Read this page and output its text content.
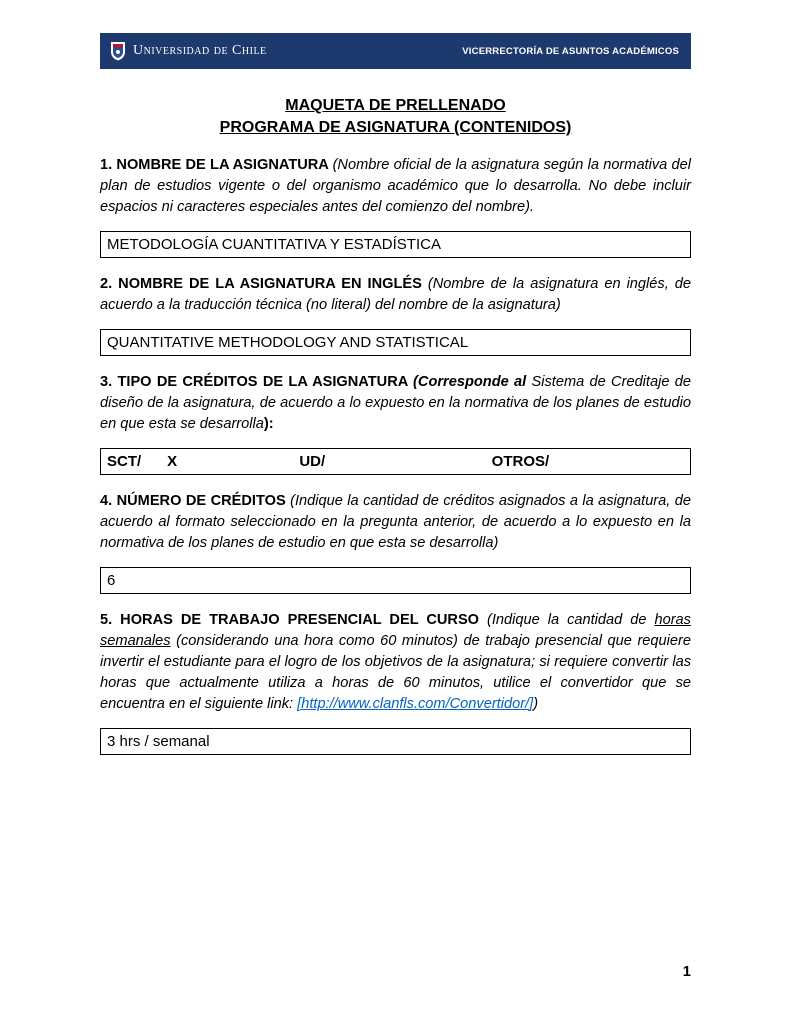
Universidad de Chile	VICERRECTORÍA DE ASUNTOS ACADÉMICOS
MAQUETA DE PRELLENADO
PROGRAMA DE ASIGNATURA (CONTENIDOS)

1. NOMBRE DE LA ASIGNATURA (Nombre oficial de la asignatura según la normativa del plan de estudios vigente o del organismo académico que lo desarrolla. No debe incluir espacios ni caracteres especiales antes del comienzo del nombre).

METODOLOGÍA CUANTITATIVA Y ESTADÍSTICA

2. NOMBRE DE LA ASIGNATURA EN INGLÉS (Nombre de la asignatura en inglés, de acuerdo a la traducción técnica (no literal) del nombre de la asignatura)

QUANTITATIVE METHODOLOGY AND STATISTICAL

3. TIPO DE CRÉDITOS DE LA ASIGNATURA (Corresponde al Sistema de Creditaje de diseño de la asignatura, de acuerdo a lo expuesto en la normativa de los planes de estudio en que esta se desarrolla):

SCT/ X	UD/	OTROS/

4. NÚMERO DE CRÉDITOS (Indique la cantidad de créditos asignados a la asignatura, de acuerdo al formato seleccionado en la pregunta anterior, de acuerdo a lo expuesto en la normativa de los planes de estudio en que esta se desarrolla)

6

5. HORAS DE TRABAJO PRESENCIAL DEL CURSO (Indique la cantidad de horas semanales (considerando una hora como 60 minutos) de trabajo presencial que requiere invertir el estudiante para el logro de los objetivos de la asignatura; si requiere convertir las horas que actualmente utiliza a horas de 60 minutos, utilice el convertidor que se encuentra en el siguiente link: [http://www.clanfls.com/Convertidor/])

3 hrs / semanal
1
